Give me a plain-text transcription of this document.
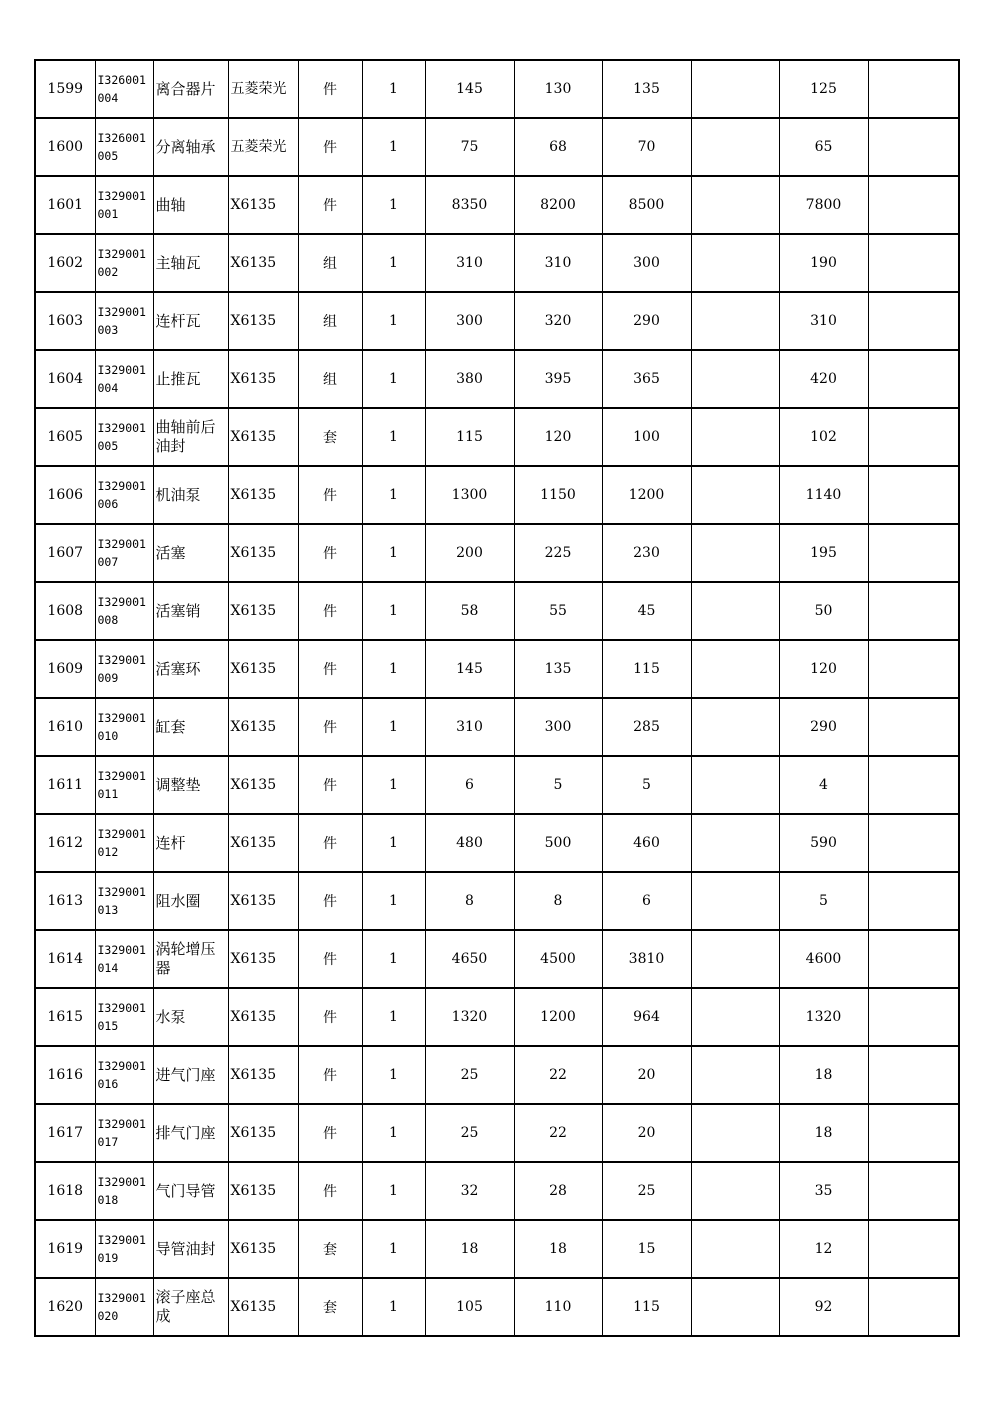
1599	I326001004	离合器片	五菱荣光	件	1	145	130	135		125	
1600	I326001005	分离轴承	五菱荣光	件	1	75	68	70		65	
1601	I329001001	曲轴	X6135	件	1	8350	8200	8500		7800	
1602	I329001002	主轴瓦	X6135	组	1	310	310	300		190	
1603	I329001003	连杆瓦	X6135	组	1	300	320	290		310	
1604	I329001004	止推瓦	X6135	组	1	380	395	365		420	
1605	I329001005	曲轴前后油封	X6135	套	1	115	120	100		102	
1606	I329001006	机油泵	X6135	件	1	1300	1150	1200		1140	
1607	I329001007	活塞	X6135	件	1	200	225	230		195	
1608	I329001008	活塞销	X6135	件	1	58	55	45		50	
1609	I329001009	活塞环	X6135	件	1	145	135	115		120	
1610	I329001010	缸套	X6135	件	1	310	300	285		290	
1611	I329001011	调整垫	X6135	件	1	6	5	5		4	
1612	I329001012	连杆	X6135	件	1	480	500	460		590	
1613	I329001013	阻水圈	X6135	件	1	8	8	6		5	
1614	I329001014	涡轮增压器	X6135	件	1	4650	4500	3810		4600	
1615	I329001015	水泵	X6135	件	1	1320	1200	964		1320	
1616	I329001016	进气门座	X6135	件	1	25	22	20		18	
1617	I329001017	排气门座	X6135	件	1	25	22	20		18	
1618	I329001018	气门导管	X6135	件	1	32	28	25		35	
1619	I329001019	导管油封	X6135	套	1	18	18	15		12	
1620	I329001020	滚子座总成	X6135	套	1	105	110	115		92	
